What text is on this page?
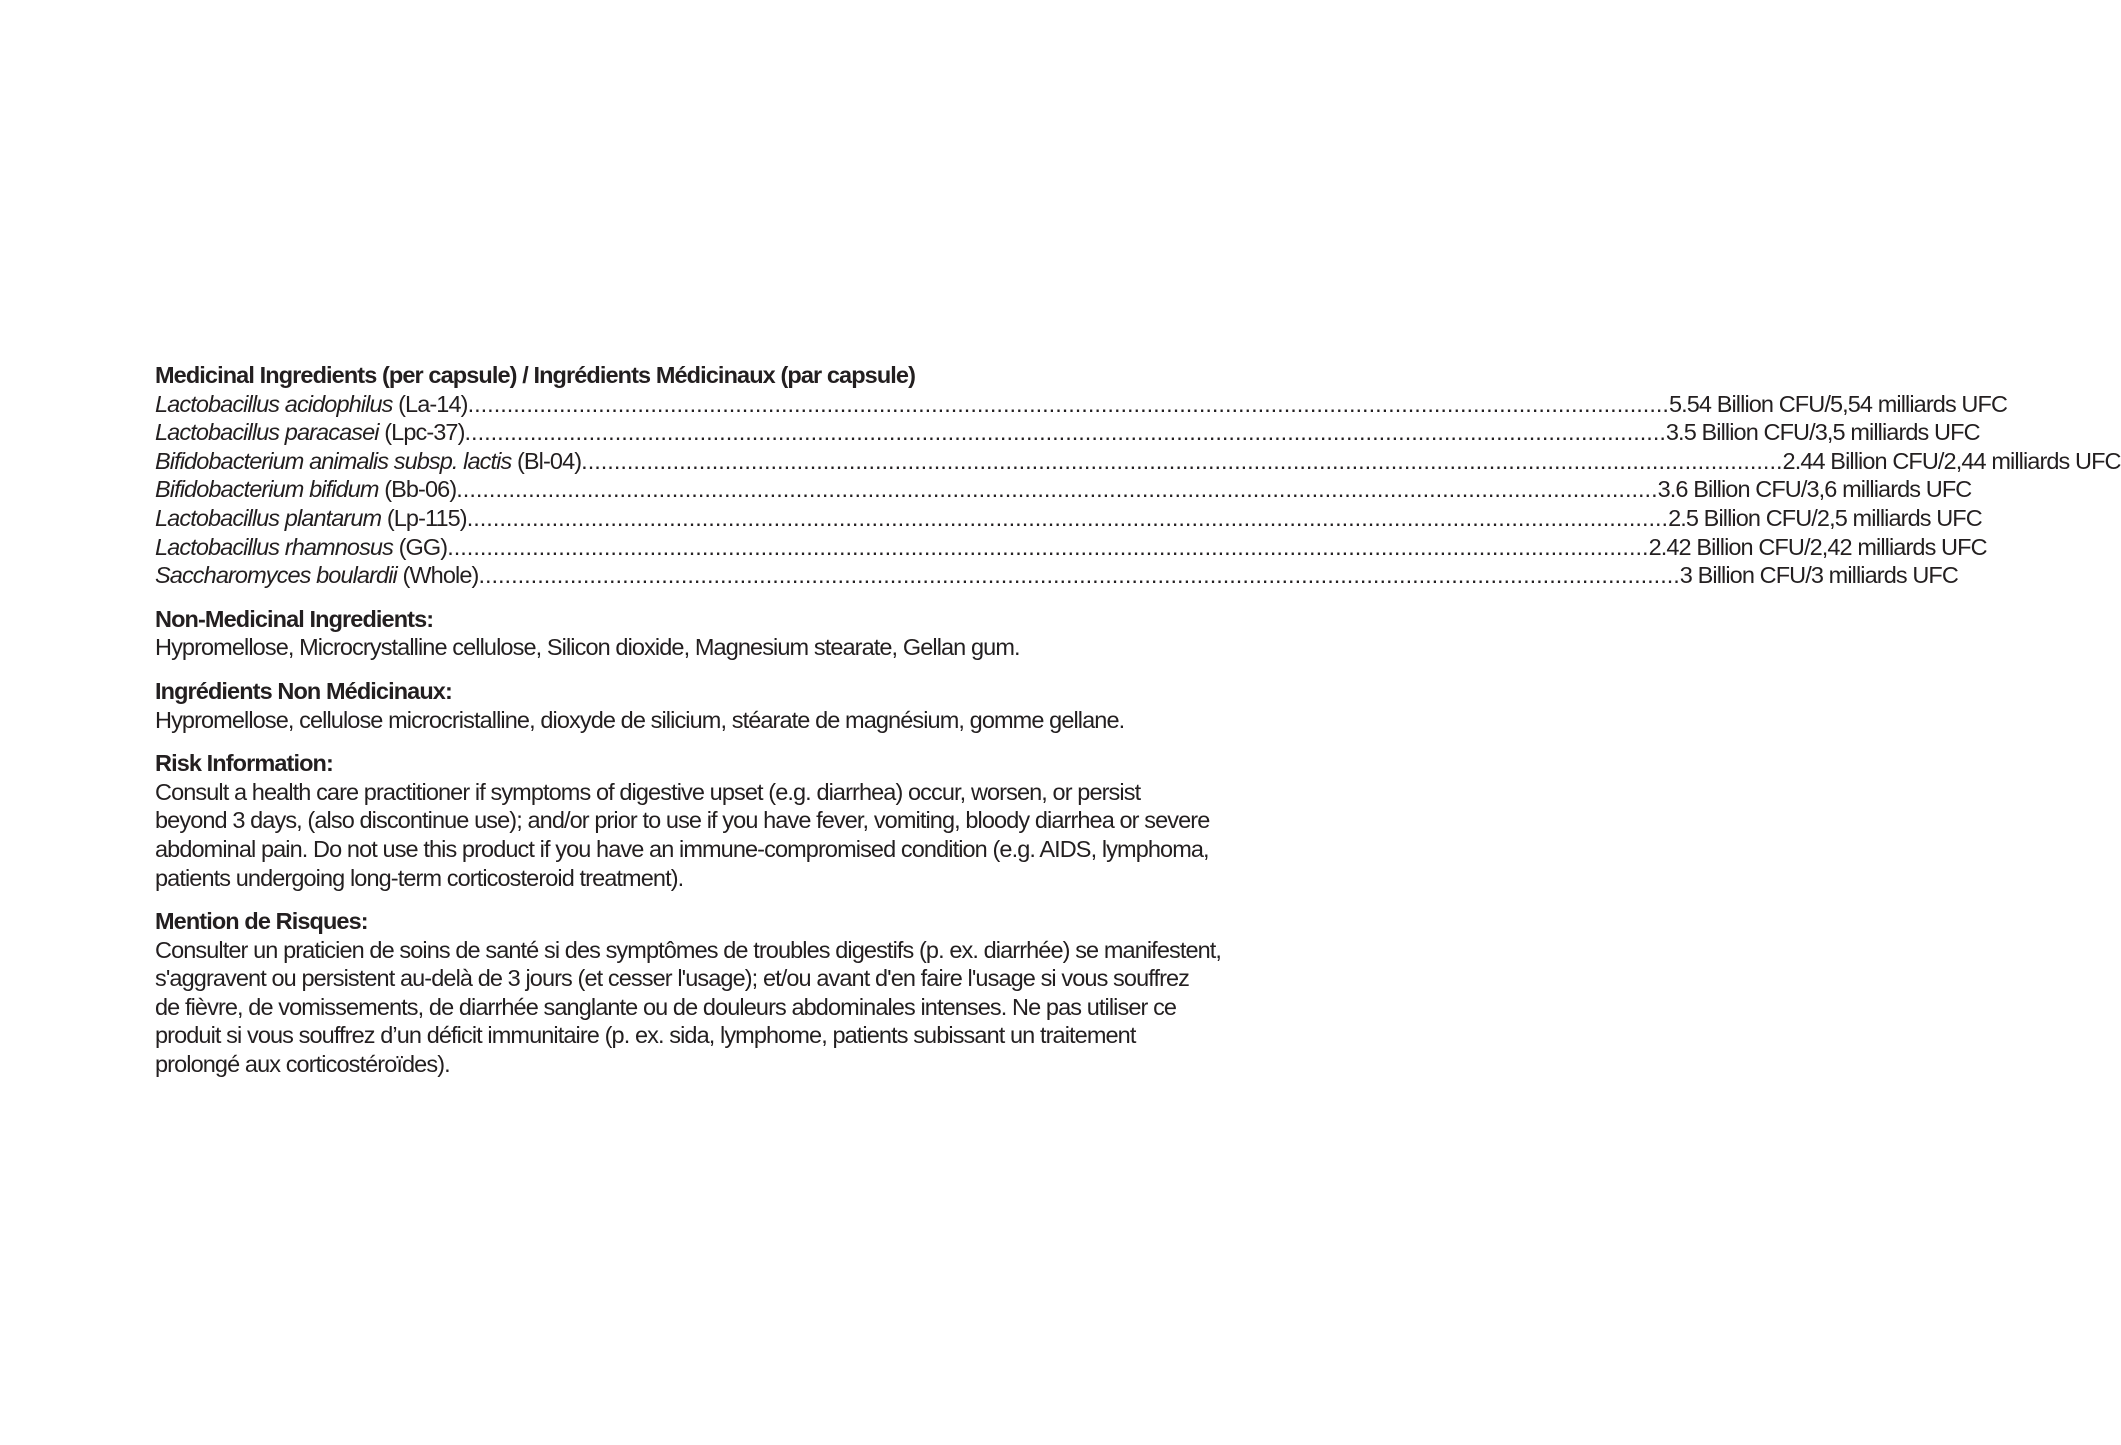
Medicinal Ingredients (per capsule) / Ingrédients Médicinaux (par capsule)

Lactobacillus acidophilus (La-14) ........................................................................................................................................................................................ 5.54 Billion CFU/5,54 milliards UFC
Lactobacillus paracasei (Lpc-37) ........................................................................................................................................................................................ 3.5 Billion CFU/3,5 milliards UFC
Bifidobacterium animalis subsp. lactis (Bl-04) ........................................................................................................................................................................................ 2.44 Billion CFU/2,44 milliards UFC
Bifidobacterium bifidum (Bb-06) ........................................................................................................................................................................................ 3.6 Billion CFU/3,6 milliards UFC
Lactobacillus plantarum (Lp-115) ........................................................................................................................................................................................ 2.5 Billion CFU/2,5 milliards UFC
Lactobacillus rhamnosus (GG) ........................................................................................................................................................................................ 2.42 Billion CFU/2,42 milliards UFC
Saccharomyces boulardii (Whole) ........................................................................................................................................................................................ 3 Billion CFU/3 milliards UFC

Non-Medicinal Ingredients:

Hypromellose, Microcrystalline cellulose, Silicon dioxide, Magnesium stearate, Gellan gum.

Ingrédients Non Médicinaux:

Hypromellose, cellulose microcristalline, dioxyde de silicium, stéarate de magnésium, gomme gellane.

Risk Information:

Consult a health care practitioner if symptoms of digestive upset (e.g. diarrhea) occur, worsen, or persist

beyond 3 days, (also discontinue use); and/or prior to use if you have fever, vomiting, bloody diarrhea or severe

abdominal pain. Do not use this product if you have an immune-compromised condition (e.g. AIDS, lymphoma,

patients undergoing long-term corticosteroid treatment).

Mention de Risques:

Consulter un praticien de soins de santé si des symptômes de troubles digestifs (p. ex. diarrhée) se manifestent,

s'aggravent ou persistent au-delà de 3 jours (et cesser l'usage); et/ou avant d'en faire l'usage si vous souffrez

de fièvre, de vomissements, de diarrhée sanglante ou de douleurs abdominales intenses. Ne pas utiliser ce

produit si vous souffrez d’un déficit immunitaire (p. ex. sida, lymphome, patients subissant un traitement

prolongé aux corticostéroïdes).
